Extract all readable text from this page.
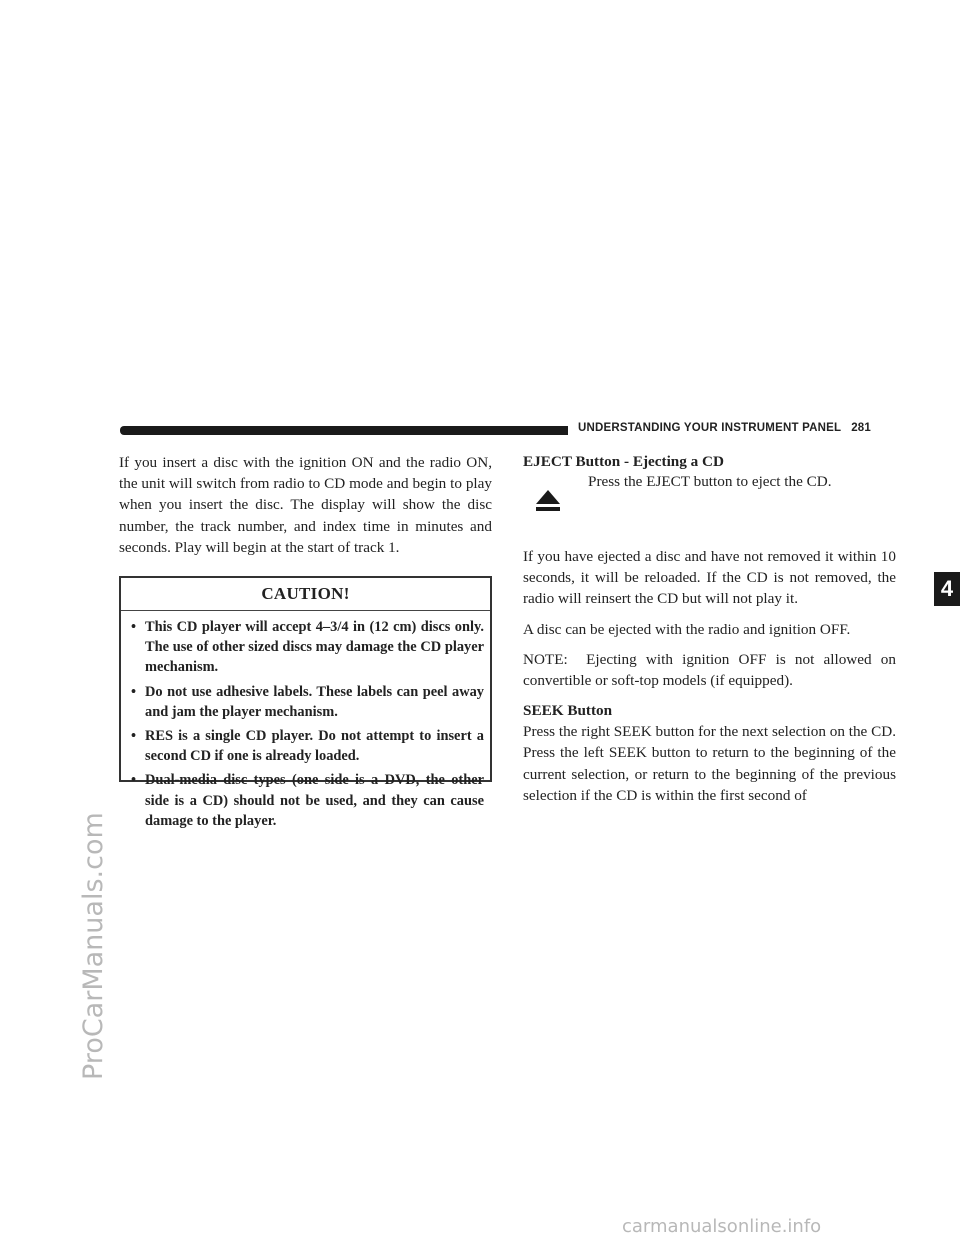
UNDERSTANDING YOUR INSTRUMENT PANEL 281

If you insert a disc with the ignition ON and the radio ON, the unit will switch from radio to CD mode and begin to play when you insert the disc. The display will show the disc number, the track number, and index time in minutes and seconds. Play will begin at the start of track 1.

CAUTION!
• This CD player will accept 4–3/4 in (12 cm) discs only. The use of other sized discs may damage the CD player mechanism.
• Do not use adhesive labels. These labels can peel away and jam the player mechanism.
• RES is a single CD player. Do not attempt to insert a second CD if one is already loaded.
• Dual-media disc types (one side is a DVD, the other side is a CD) should not be used, and they can cause damage to the player.
EJECT Button - Ejecting a CD
Press the EJECT button to eject the CD.

If you have ejected a disc and have not removed it within 10 seconds, it will be reloaded. If the CD is not removed, the radio will reinsert the CD but will not play it.

A disc can be ejected with the radio and ignition OFF.

NOTE: Ejecting with ignition OFF is not allowed on convertible or soft-top models (if equipped).

SEEK Button

Press the right SEEK button for the next selection on the CD. Press the left SEEK button to return to the beginning of the current selection, or return to the beginning of the previous selection if the CD is within the first second of

4
ProCarManuals.com
carmanualsonline.info
